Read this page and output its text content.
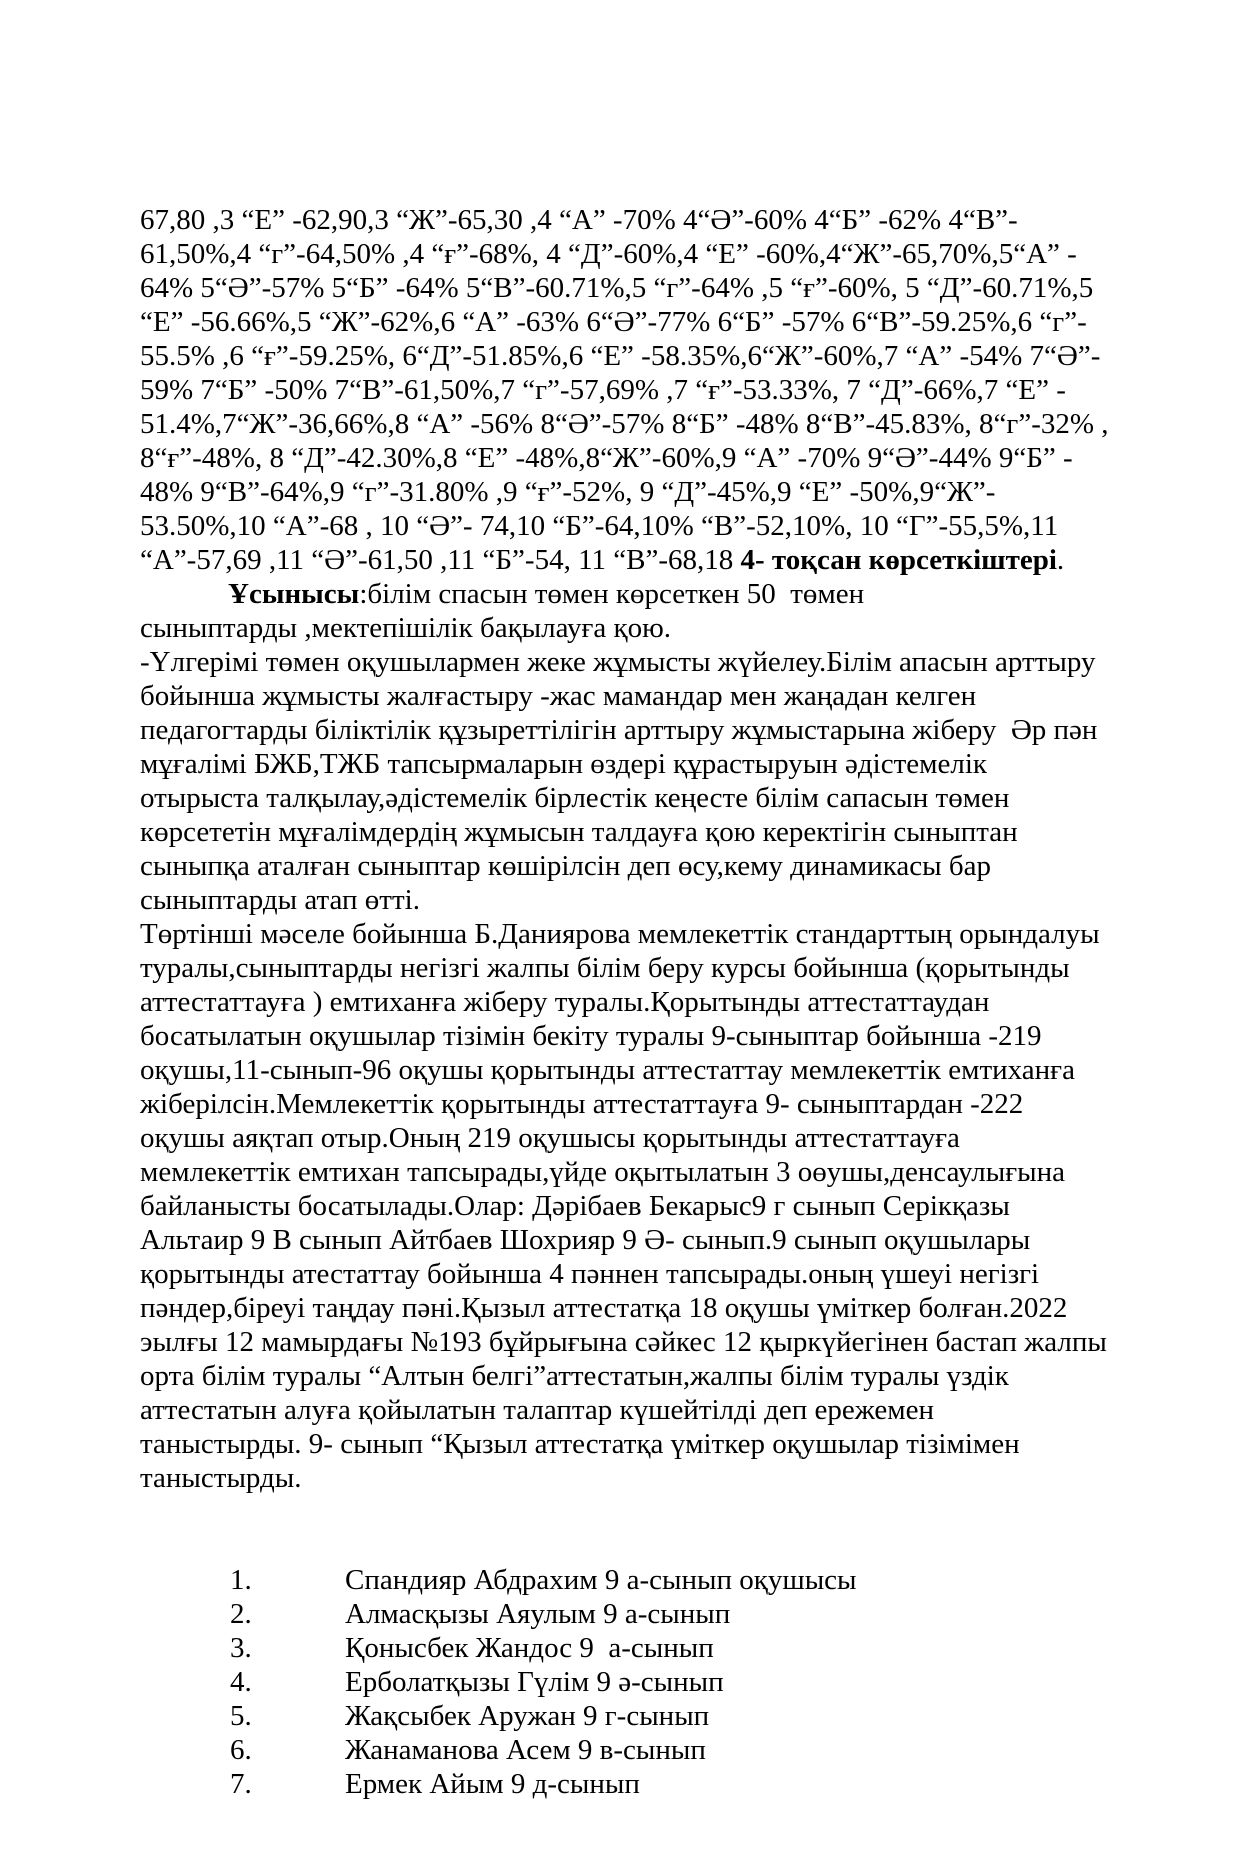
67,80 ,3 “Е” -62,90,3 “Ж”-65,30 ,4 “А” -70% 4“Ә”-60% 4“Б” -62% 4“В”-
61,50%,4 “г”-64,50% ,4 “ғ”-68%, 4 “Д”-60%,4 “Е” -60%,4“Ж”-65,70%,5“А” -
64% 5“Ә”-57% 5“Б” -64% 5“В”-60.71%,5 “г”-64% ,5 “ғ”-60%, 5 “Д”-60.71%,5
“Е” -56.66%,5 “Ж”-62%,6 “А” -63% 6“Ә”-77% 6“Б” -57% 6“В”-59.25%,6 “г”-
55.5% ,6 “ғ”-59.25%, 6“Д”-51.85%,6 “Е” -58.35%,6“Ж”-60%,7 “А” -54% 7“Ә”-
59% 7“Б” -50% 7“В”-61,50%,7 “г”-57,69% ,7 “ғ”-53.33%, 7 “Д”-66%,7 “Е” -
51.4%,7“Ж”-36,66%,8 “А” -56% 8“Ә”-57% 8“Б” -48% 8“В”-45.83%, 8“г”-32% ,
8“ғ”-48%, 8 “Д”-42.30%,8 “Е” -48%,8“Ж”-60%,9 “А” -70% 9“Ә”-44% 9“Б” -
48% 9“В”-64%,9 “г”-31.80% ,9 “ғ”-52%, 9 “Д”-45%,9 “Е” -50%,9“Ж”-
53.50%,10 “А”-68 , 10 “Ә”- 74,10 “Б”-64,10% “В”-52,10%, 10 “Г”-55,5%,11
“А”-57,69 ,11 “Ә”-61,50 ,11 “Б”-54, 11 “В”-68,18 4- тоқсан көрсеткіштері.
Ұсынысы:білім спасын төмен көрсеткен 50  төмен
сыныптарды ,мектепішілік бақылауға қою.
-Үлгерімі төмен оқушылармен жеке жұмысты жүйелеу.Білім апасын арттыру
бойынша жұмысты жалғастыру -жас мамандар мен жаңадан келген
педагогтарды біліктілік құзыреттілігін арттыру жұмыстарына жіберу  Әр пән
мұғалімі БЖБ,ТЖБ тапсырмаларын өздері құрастыруын әдістемелік
отырыста талқылау,әдістемелік бірлестік кеңесте білім сапасын төмен
көрсететін мұғалімдердің жұмысын талдауға қою керектігін сыныптан
сыныпқа аталған сыныптар көшірілсін деп өсу,кему динамикасы бар
сыныптарды атап өтті.
Төртінші мәселе бойынша Б.Даниярова мемлекеттік стандарттың орындалуы
туралы,сыныптарды негізгі жалпы білім беру курсы бойынша (қорытынды
аттестаттауға ) емтиханға жіберу туралы.Қорытынды аттестаттаудан
босатылатын оқушылар тізімін бекіту туралы 9-сыныптар бойынша -219
оқушы,11-сынып-96 оқушы қорытынды аттестаттау мемлекеттік емтиханға
жіберілсін.Мемлекеттік қорытынды аттестаттауға 9- сыныптардан -222
оқушы аяқтап отыр.Оның 219 оқушысы қорытынды аттестаттауға
мемлекеттік емтихан тапсырады,үйде оқытылатын 3 оөушы,денсаулығына
байланысты босатылады.Олар: Дәрібаев Бекарыс9 г сынып Серікқазы
Альтаир 9 В сынып Айтбаев Шохрияр 9 Ә- сынып.9 сынып оқушылары
қорытынды атестаттау бойынша 4 пәннен тапсырады.оның үшеуі негізгі
пәндер,біреуі таңдау пәні.Қызыл аттестатқа 18 оқушы үміткер болған.2022
эылғы 12 мамырдағы №193 бұйрығына сәйкес 12 қыркүйегінен бастап жалпы
орта білім туралы “Алтын белгі”аттестатын,жалпы білім туралы үздік
аттестатын алуға қойылатын талаптар күшейтілді деп ережемен
таныстырды. 9- сынып “Қызыл аттестатқа үміткер оқушылар тізімімен
таныстырды.

1.	Спандияр Абдрахим 9 а-сынып оқушысы
2.	Алмасқызы Аяулым 9 а-сынып
3.	Қонысбек Жандос 9  а-сынып
4.	Ерболатқызы Гүлім 9 ә-сынып
5.	Жақсыбек Аружан 9 г-сынып
6.	Жанаманова Асем 9 в-сынып
7.	Ермек Айым 9 д-сынып
